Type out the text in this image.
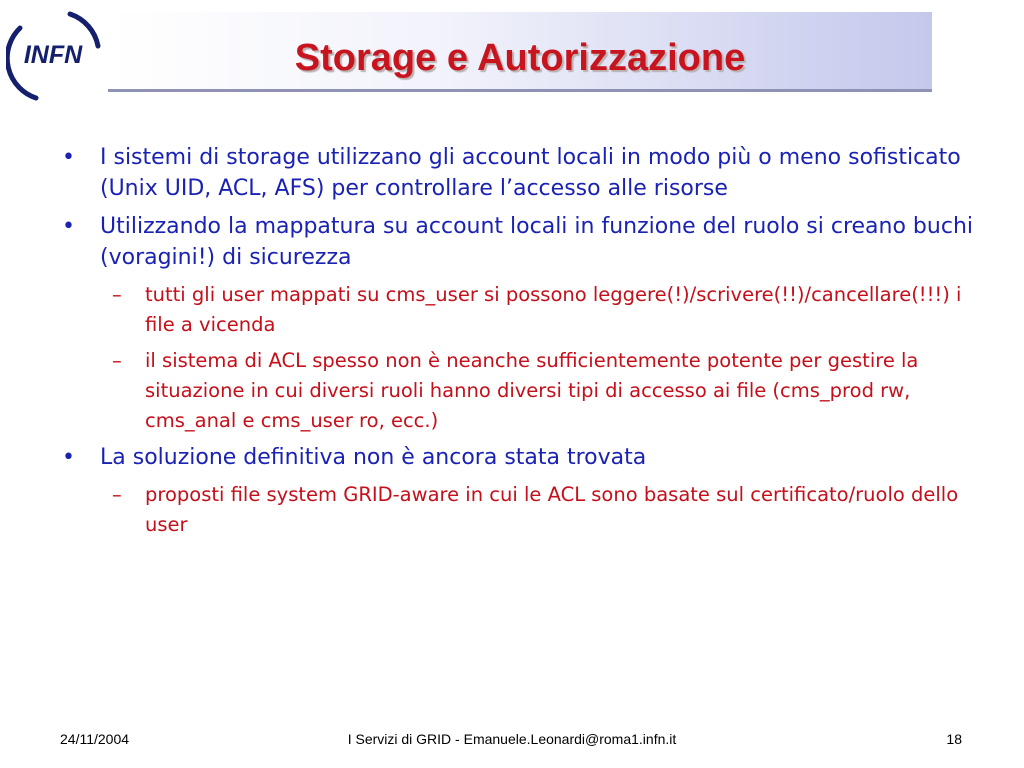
INFN	Storage e Autorizzazione
•	I sistemi di storage utilizzano gli account locali in modo più o meno sofisticato (Unix UID, ACL, AFS) per controllare l’accesso alle risorse
•	Utilizzando la mappatura su account locali in funzione del ruolo si creano buchi (voragini!) di sicurezza
– tutti gli user mappati su cms_user si possono leggere(!)/scrivere(!!)/cancellare(!!!) i file a vicenda
– il sistema di ACL spesso non è neanche sufficientemente potente per gestire la situazione in cui diversi ruoli hanno diversi tipi di accesso ai file (cms_prod rw, cms_anal e cms_user ro, ecc.)
•	La soluzione definitiva non è ancora stata trovata
– proposti file system GRID-aware in cui le ACL sono basate sul certificato/ruolo dello user
24/11/2004	I Servizi di GRID - Emanuele.Leonardi@roma1.infn.it	18
